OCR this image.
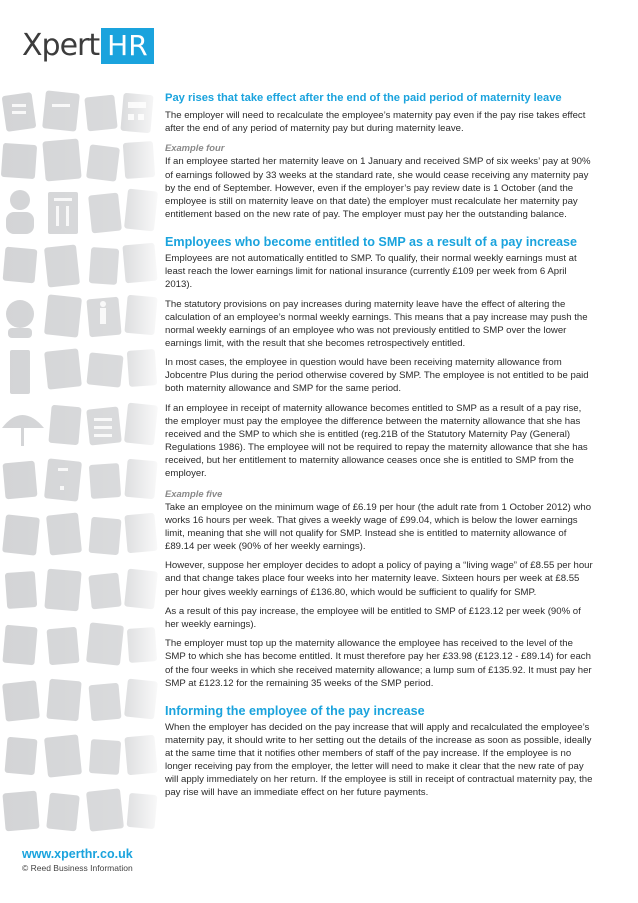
Xpert HR
www.xperthr.co.uk
© Reed Business Information
Pay rises that take effect after the end of the paid period of maternity leave

The employer will need to recalculate the employee’s maternity pay even if the pay rise takes effect after the end of any period of maternity pay but during maternity leave.

Example four

If an employee started her maternity leave on 1 January and received SMP of six weeks’ pay at 90% of earnings followed by 33 weeks at the standard rate, she would cease receiving any maternity pay by the end of September. However, even if the employer’s pay review date is 1 October (and the employee is still on maternity leave on that date) the employer must recalculate her maternity pay entitlement based on the new rate of pay. The employer must pay her the outstanding balance.

Employees who become entitled to SMP as a result of a pay increase

Employees are not automatically entitled to SMP. To qualify, their normal weekly earnings must at least reach the lower earnings limit for national insurance (currently £109 per week from 6 April 2013).

The statutory provisions on pay increases during maternity leave have the effect of altering the calculation of an employee’s normal weekly earnings. This means that a pay increase may push the normal weekly earnings of an employee who was not previously entitled to SMP over the lower earnings limit, with the result that she becomes retrospectively entitled.

In most cases, the employee in question would have been receiving maternity allowance from Jobcentre Plus during the period otherwise covered by SMP. The employee is not entitled to be paid both maternity allowance and SMP for the same period.

If an employee in receipt of maternity allowance becomes entitled to SMP as a result of a pay rise, the employer must pay the employee the difference between the maternity allowance that she has received and the SMP to which she is entitled (reg.21B of the Statutory Maternity Pay (General) Regulations 1986). The employee will not be required to repay the maternity allowance that she has received, but her entitlement to maternity allowance ceases once she is entitled to SMP from the employer.

Example five

Take an employee on the minimum wage of £6.19 per hour (the adult rate from 1 October 2012) who works 16 hours per week. That gives a weekly wage of £99.04, which is below the lower earnings limit, meaning that she will not qualify for SMP. Instead she is entitled to maternity allowance of £89.14 per week (90% of her weekly earnings).

However, suppose her employer decides to adopt a policy of paying a “living wage” of £8.55 per hour and that change takes place four weeks into her maternity leave. Sixteen hours per week at £8.55 per hour gives weekly earnings of £136.80, which would be sufficient to qualify for SMP.

As a result of this pay increase, the employee will be entitled to SMP of £123.12 per week (90% of her weekly earnings).

The employer must top up the maternity allowance the employee has received to the level of the SMP to which she has become entitled. It must therefore pay her £33.98 (£123.12 - £89.14) for each of the four weeks in which she received maternity allowance; a lump sum of £135.92. It must pay her SMP at £123.12 for the remaining 35 weeks of the SMP period.

Informing the employee of the pay increase

When the employer has decided on the pay increase that will apply and recalculated the employee’s maternity pay, it should write to her setting out the details of the increase as soon as possible, ideally at the same time that it notifies other members of staff of the pay increase. If the employee is no longer receiving pay from the employer, the letter will need to make it clear that the new rate of pay will apply immediately on her return. If the employee is still in receipt of contractual maternity pay, the pay rise will have an immediate effect on her future payments.
